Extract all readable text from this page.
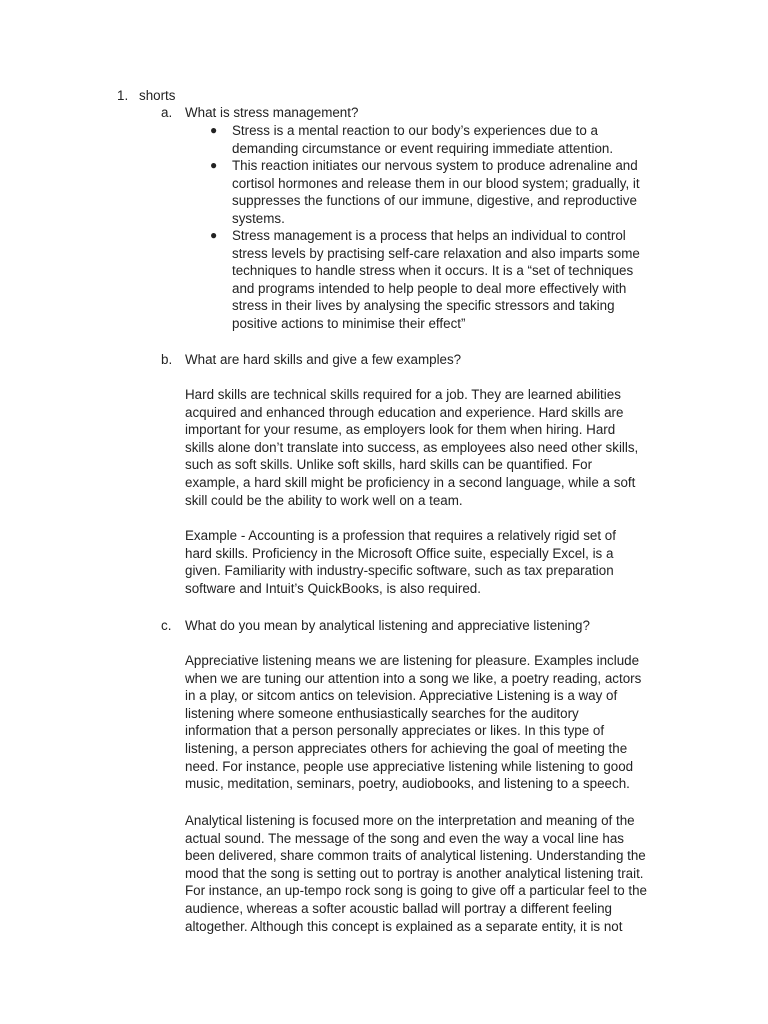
1. shorts
a. What is stress management?
● Stress is a mental reaction to our body’s experiences due to a
demanding circumstance or event requiring immediate attention.
● This reaction initiates our nervous system to produce adrenaline and
cortisol hormones and release them in our blood system; gradually, it
suppresses the functions of our immune, digestive, and reproductive
systems.
● Stress management is a process that helps an individual to control
stress levels by practising self-care relaxation and also imparts some
techniques to handle stress when it occurs. It is a “set of techniques
and programs intended to help people to deal more effectively with
stress in their lives by analysing the specific stressors and taking
positive actions to minimise their effect”
b. What are hard skills and give a few examples?
Hard skills are technical skills required for a job. They are learned abilities
acquired and enhanced through education and experience. Hard skills are
important for your resume, as employers look for them when hiring. Hard
skills alone don’t translate into success, as employees also need other skills,
such as soft skills. Unlike soft skills, hard skills can be quantified. For
example, a hard skill might be proficiency in a second language, while a soft
skill could be the ability to work well on a team.
Example - Accounting is a profession that requires a relatively rigid set of
hard skills. Proficiency in the Microsoft Office suite, especially Excel, is a
given. Familiarity with industry-specific software, such as tax preparation
software and Intuit’s QuickBooks, is also required.
c. What do you mean by analytical listening and appreciative listening?
Appreciative listening means we are listening for pleasure. Examples include
when we are tuning our attention into a song we like, a poetry reading, actors
in a play, or sitcom antics on television. Appreciative Listening is a way of
listening where someone enthusiastically searches for the auditory
information that a person personally appreciates or likes. In this type of
listening, a person appreciates others for achieving the goal of meeting the
need. For instance, people use appreciative listening while listening to good
music, meditation, seminars, poetry, audiobooks, and listening to a speech.
Analytical listening is focused more on the interpretation and meaning of the
actual sound. The message of the song and even the way a vocal line has
been delivered, share common traits of analytical listening. Understanding the
mood that the song is setting out to portray is another analytical listening trait.
For instance, an up-tempo rock song is going to give off a particular feel to the
audience, whereas a softer acoustic ballad will portray a different feeling
altogether. Although this concept is explained as a separate entity, it is not
